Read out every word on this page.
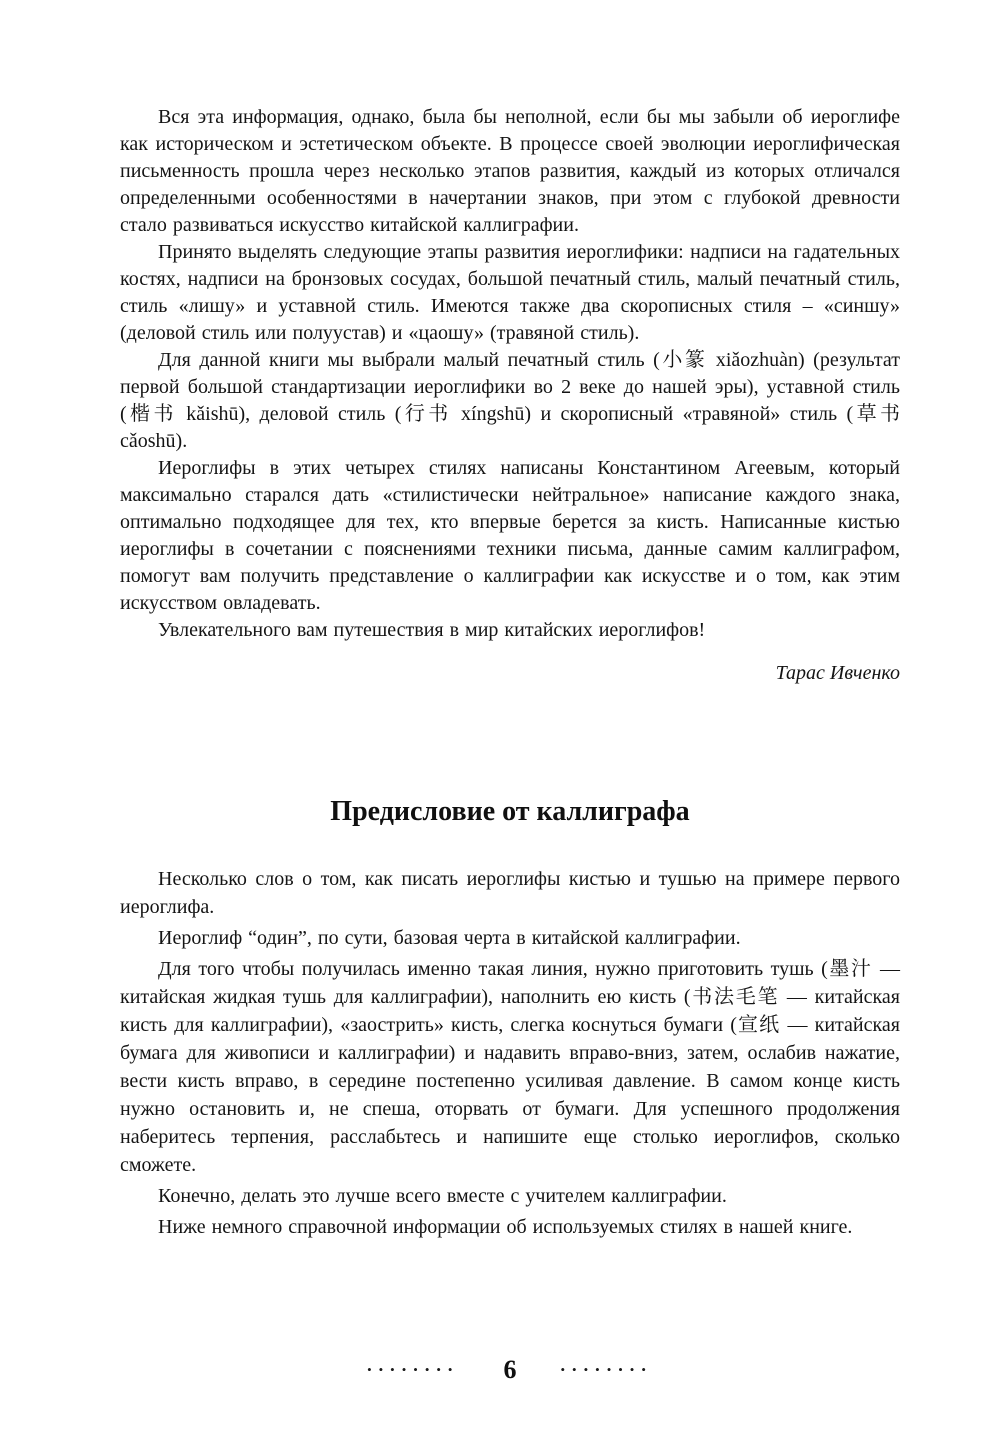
Вся эта информация, однако, была бы неполной, если бы мы забыли об иероглифе как историческом и эстетическом объекте. В процессе своей эволюции иероглифическая письменность прошла через несколько этапов развития, каждый из которых отличался определенными особенностями в начертании знаков, при этом с глубокой древности стало развиваться искусство китайской каллиграфии.

Принято выделять следующие этапы развития иероглифики: надписи на гадательных костях, надписи на бронзовых сосудах, большой печатный стиль, малый печатный стиль, стиль «лишу» и уставной стиль. Имеются также два скорописных стиля – «синшу» (деловой стиль или полуустав) и «цаошу» (травяной стиль).

Для данной книги мы выбрали малый печатный стиль (小篆 xiǎozhuàn) (результат первой большой стандартизации иероглифики во 2 веке до нашей эры), уставной стиль (楷书 kǎishū), деловой стиль (行书 xíngshū) и скорописный «травяной» стиль (草书 cǎoshū).

Иероглифы в этих четырех стилях написаны Константином Агеевым, который максимально старался дать «стилистически нейтральное» написание каждого знака, оптимально подходящее для тех, кто впервые берется за кисть. Написанные кистью иероглифы в сочетании с пояснениями техники письма, данные самим каллиграфом, помогут вам получить представление о каллиграфии как искусстве и о том, как этим искусством овладевать.

Увлекательного вам путешествия в мир китайских иероглифов!

Тарас Ивченко

Предисловие от каллиграфа

Несколько слов о том, как писать иероглифы кистью и тушью на примере первого иероглифа.

Иероглиф “один”, по сути, базовая черта в китайской каллиграфии.

Для того чтобы получилась именно такая линия, нужно приготовить тушь (墨汁 — китайская жидкая тушь для каллиграфии), наполнить ею кисть (书法毛笔 — китайская кисть для каллиграфии), «заострить» кисть, слегка коснуться бумаги (宣纸 — китайская бумага для живописи и каллиграфии) и надавить вправо-вниз, затем, ослабив нажатие, вести кисть вправо, в середине постепенно усиливая давление. В самом конце кисть нужно остановить и, не спеша, оторвать от бумаги. Для успешного продолжения наберитесь терпения, расслабьтесь и напишите еще столько иероглифов, сколько сможете.

Конечно, делать это лучше всего вместе с учителем каллиграфии.

Ниже немного справочной информации об используемых стилях в нашей книге.

•••••••• 6	••••••••
